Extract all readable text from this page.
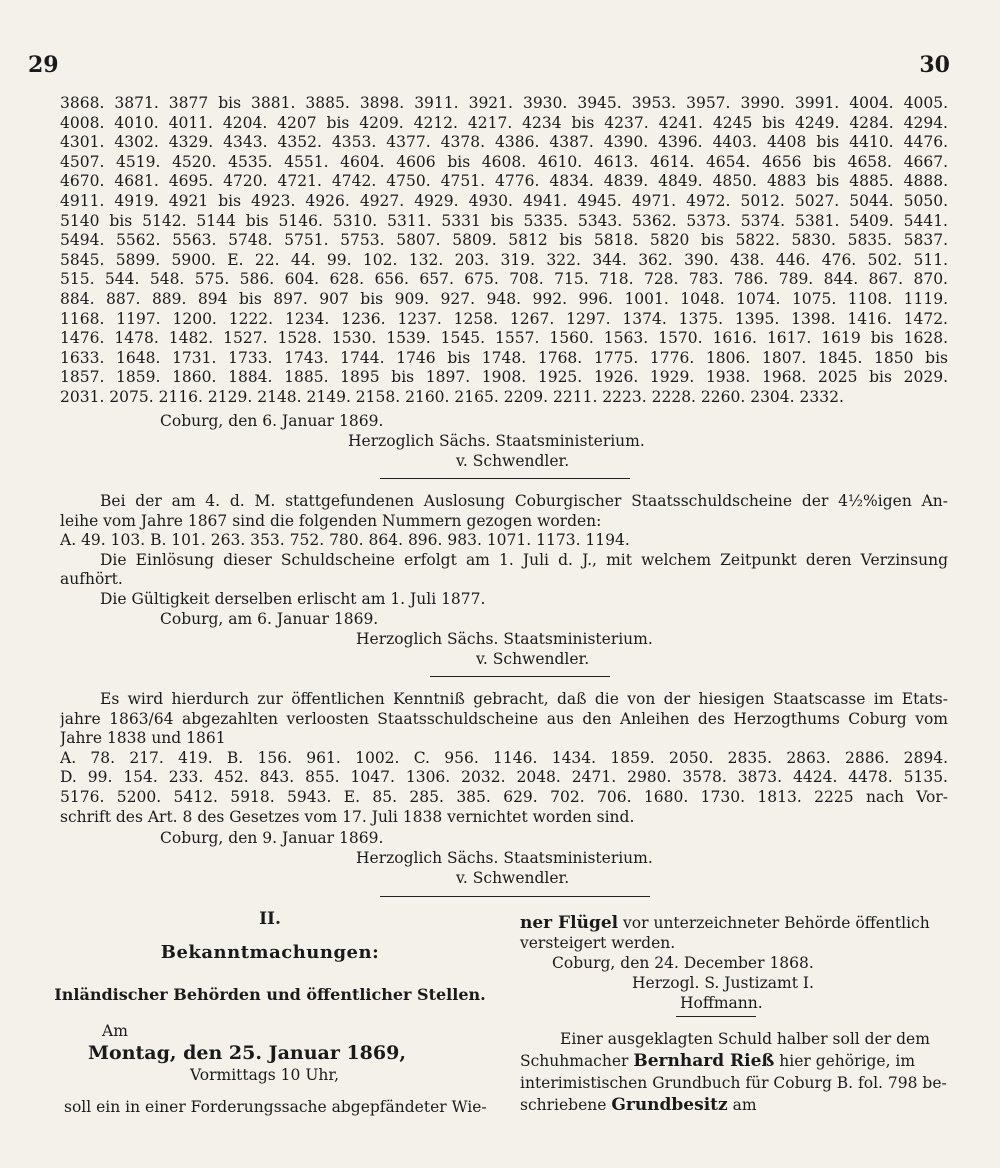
29	30
3868. 3871. 3877 bis 3881. 3885. 3898. 3911. 3921. 3930. 3945. 3953. 3957. 3990. 3991. 4004. 4005.
4008. 4010. 4011. 4204. 4207 bis 4209. 4212. 4217. 4234 bis 4237. 4241. 4245 bis 4249. 4284. 4294.
4301. 4302. 4329. 4343. 4352. 4353. 4377. 4378. 4386. 4387. 4390. 4396. 4403. 4408 bis 4410. 4476.
4507. 4519. 4520. 4535. 4551. 4604. 4606 bis 4608. 4610. 4613. 4614. 4654. 4656 bis 4658. 4667.
4670. 4681. 4695. 4720. 4721. 4742. 4750. 4751. 4776. 4834. 4839. 4849. 4850. 4883 bis 4885. 4888.
4911. 4919. 4921 bis 4923. 4926. 4927. 4929. 4930. 4941. 4945. 4971. 4972. 5012. 5027. 5044. 5050.
5140 bis 5142. 5144 bis 5146. 5310. 5311. 5331 bis 5335. 5343. 5362. 5373. 5374. 5381. 5409. 5441.
5494. 5562. 5563. 5748. 5751. 5753. 5807. 5809. 5812 bis 5818. 5820 bis 5822. 5830. 5835. 5837.
5845. 5899. 5900. E. 22. 44. 99. 102. 132. 203. 319. 322. 344. 362. 390. 438. 446. 476. 502. 511.
515. 544. 548. 575. 586. 604. 628. 656. 657. 675. 708. 715. 718. 728. 783. 786. 789. 844. 867. 870.
884. 887. 889. 894 bis 897. 907 bis 909. 927. 948. 992. 996. 1001. 1048. 1074. 1075. 1108. 1119.
1168. 1197. 1200. 1222. 1234. 1236. 1237. 1258. 1267. 1297. 1374. 1375. 1395. 1398. 1416. 1472.
1476. 1478. 1482. 1527. 1528. 1530. 1539. 1545. 1557. 1560. 1563. 1570. 1616. 1617. 1619 bis 1628.
1633. 1648. 1731. 1733. 1743. 1744. 1746 bis 1748. 1768. 1775. 1776. 1806. 1807. 1845. 1850 bis
1857. 1859. 1860. 1884. 1885. 1895 bis 1897. 1908. 1925. 1926. 1929. 1938. 1968. 2025 bis 2029.
2031. 2075. 2116. 2129. 2148. 2149. 2158. 2160. 2165. 2209. 2211. 2223. 2228. 2260. 2304. 2332.
Coburg, den 6. Januar 1869.
Herzoglich Sächs. Staatsministerium.
v. Schwendler.
Bei der am 4. d. M. stattgefundenen Auslosung Coburgischer Staatsschuldscheine der 4½%igen An-
leihe vom Jahre 1867 sind die folgenden Nummern gezogen worden:
A. 49. 103. B. 101. 263. 353. 752. 780. 864. 896. 983. 1071. 1173. 1194.
Die Einlösung dieser Schuldscheine erfolgt am 1. Juli d. J., mit welchem Zeitpunkt deren Verzinsung
aufhört.
Die Gültigkeit derselben erlischt am 1. Juli 1877.
Coburg, am 6. Januar 1869.
Herzoglich Sächs. Staatsministerium.
v. Schwendler.
Es wird hierdurch zur öffentlichen Kenntniß gebracht, daß die von der hiesigen Staatscasse im Etats-
jahre 1863/64 abgezahlten verloosten Staatsschuldscheine aus den Anleihen des Herzogthums Coburg vom
Jahre 1838 und 1861
A. 78. 217. 419. B. 156. 961. 1002. C. 956. 1146. 1434. 1859. 2050. 2835. 2863. 2886. 2894.
D. 99. 154. 233. 452. 843. 855. 1047. 1306. 2032. 2048. 2471. 2980. 3578. 3873. 4424. 4478. 5135.
5176. 5200. 5412. 5918. 5943. E. 85. 285. 385. 629. 702. 706. 1680. 1730. 1813. 2225 nach Vor-
schrift des Art. 8 des Gesetzes vom 17. Juli 1838 vernichtet worden sind.
Coburg, den 9. Januar 1869.
Herzoglich Sächs. Staatsministerium.
v. Schwendler.

II.
Bekanntmachungen:
Inländischer Behörden und öffentlicher Stellen.
Am
Montag, den 25. Januar 1869,
Vormittags 10 Uhr,
soll ein in einer Forderungssache abgepfändeter Wie-
ner Flügel vor unterzeichneter Behörde öffentlich
versteigert werden.
Coburg, den 24. December 1868.
Herzogl. S. Justizamt I.
Hoffmann.
Einer ausgeklagten Schuld halber soll der dem
Schuhmacher Bernhard Rieß hier gehörige, im
interimistischen Grundbuch für Coburg B. fol. 798 be-
schriebene Grundbesitz am
